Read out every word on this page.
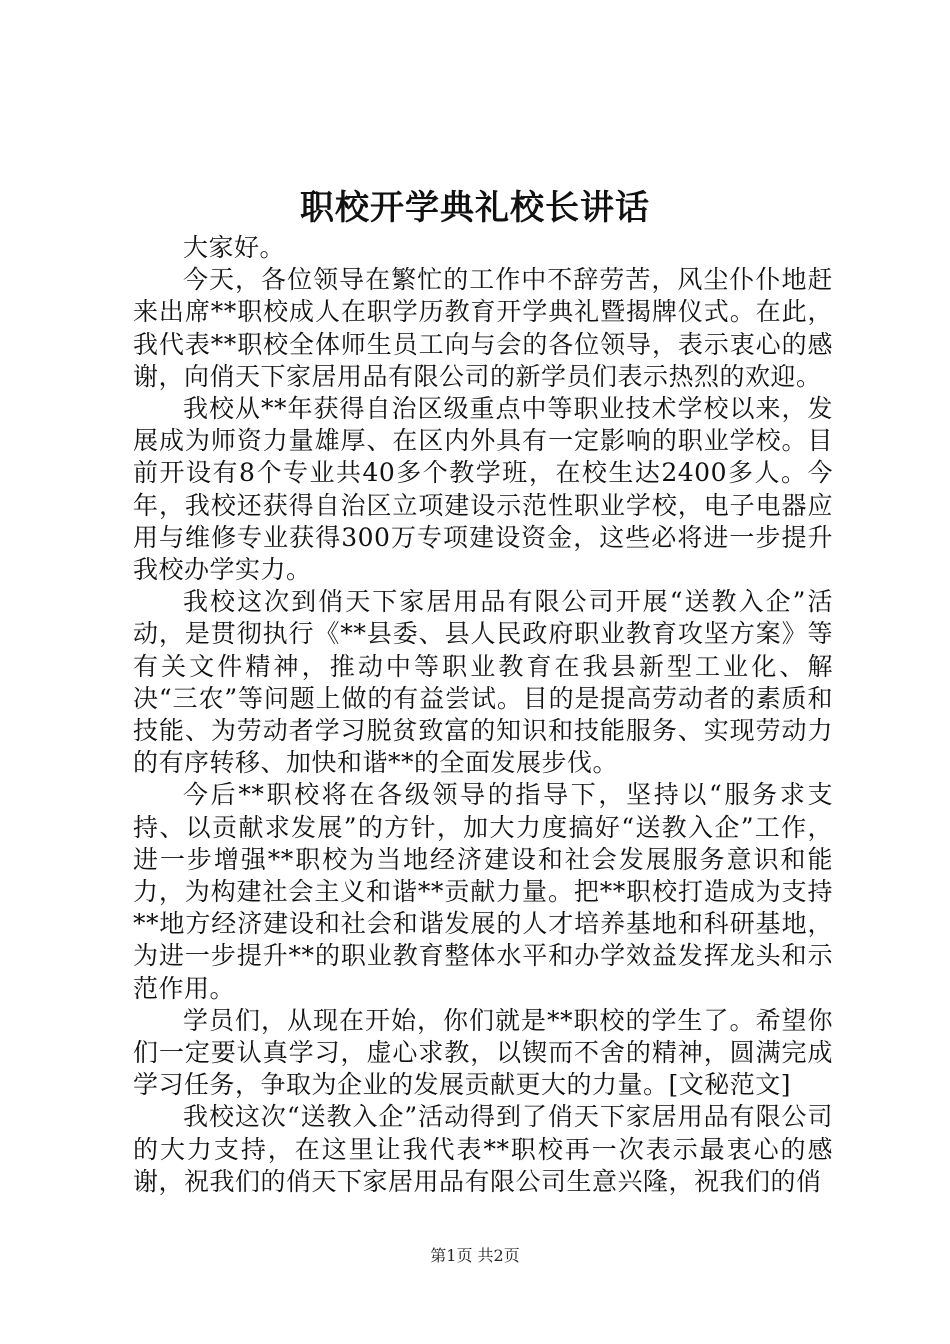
职校开学典礼校长讲话

大家好。

今天，各位领导在繁忙的工作中不辞劳苦，风尘仆仆地赶来出席**职校成人在职学历教育开学典礼暨揭牌仪式。在此，我代表**职校全体师生员工向与会的各位领导，表示衷心的感谢，向俏天下家居用品有限公司的新学员们表示热烈的欢迎。

我校从**年获得自治区级重点中等职业技术学校以来，发展成为师资力量雄厚、在区内外具有一定影响的职业学校。目前开设有8个专业共40多个教学班，在校生达2400多人。今年，我校还获得自治区立项建设示范性职业学校，电子电器应用与维修专业获得300万专项建设资金，这些必将进一步提升我校办学实力。

我校这次到俏天下家居用品有限公司开展“送教入企”活动，是贯彻执行《**县委、县人民政府职业教育攻坚方案》等有关文件精神，推动中等职业教育在我县新型工业化、解决“三农”等问题上做的有益尝试。目的是提高劳动者的素质和技能、为劳动者学习脱贫致富的知识和技能服务、实现劳动力的有序转移、加快和谐**的全面发展步伐。

今后**职校将在各级领导的指导下，坚持以“服务求支持、以贡献求发展”的方针，加大力度搞好“送教入企”工作，进一步增强**职校为当地经济建设和社会发展服务意识和能力，为构建社会主义和谐**贡献力量。把**职校打造成为支持**地方经济建设和社会和谐发展的人才培养基地和科研基地，为进一步提升**的职业教育整体水平和办学效益发挥龙头和示范作用。

学员们，从现在开始，你们就是**职校的学生了。希望你们一定要认真学习，虚心求教，以锲而不舍的精神，圆满完成学习任务，争取为企业的发展贡献更大的力量。[文秘范文]

我校这次“送教入企”活动得到了俏天下家居用品有限公司的大力支持，在这里让我代表**职校再一次表示最衷心的感谢，祝我们的俏天下家居用品有限公司生意兴隆，祝我们的俏

第1页 共2页
